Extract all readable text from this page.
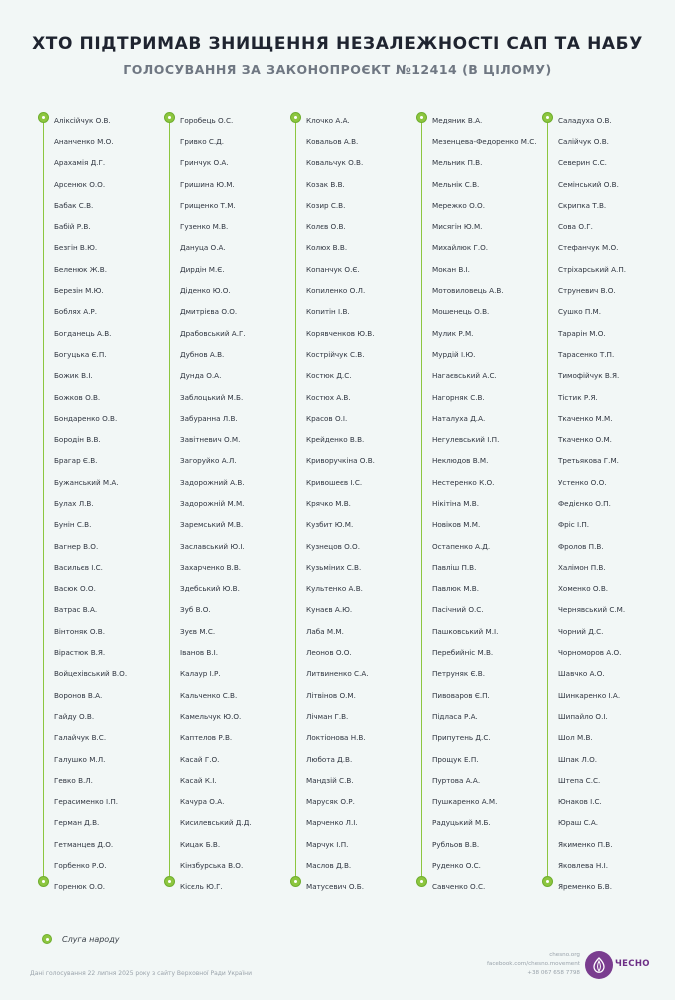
ХТО ПІДТРИМАВ ЗНИЩЕННЯ НЕЗАЛЕЖНОСТІ САП ТА НАБУ
ГОЛОСУВАННЯ ЗА ЗАКОНОПРОЄКТ №12414 (В ЦІЛОМУ)
Аліксійчук О.В.
Ананченко М.О.
Арахамія Д.Г.
Арсенюк О.О.
Бабак С.В.
Бабій Р.В.
Безгін В.Ю.
Беленюк Ж.В.
Березін М.Ю.
Боблях А.Р.
Богданець А.В.
Богуцька Є.П.
Божик В.І.
Божков О.В.
Бондаренко О.В.
Бородін В.В.
Брагар Є.В.
Бужанський М.А.
Булах Л.В.
Бунін С.В.
Вагнер В.О.
Васильєв І.С.
Васюк О.О.
Ватрас В.А.
Вінтоняк О.В.
Вірастюк В.Я.
Войцехівський В.О.
Воронов В.А.
Гайду О.В.
Галайчук В.С.
Галушко М.Л.
Гевко В.Л.
Герасименко І.П.
Герман Д.В.
Гетманцев Д.О.
Горбенко Р.О.
Горенюк О.О.
Горобець О.С.
Гривко С.Д.
Гринчук О.А.
Гришина Ю.М.
Грищенко Т.М.
Гузенко М.В.
Дануца О.А.
Дирдін М.Є.
Діденко Ю.О.
Дмитрієва О.О.
Драбовський А.Г.
Дубнов А.В.
Дунда О.А.
Заблоцький М.Б.
Забуранна Л.В.
Завітневич О.М.
Загоруйко А.Л.
Задорожний А.В.
Задорожній М.М.
Заремський М.В.
Заславський Ю.І.
Захарченко В.В.
Здебський Ю.В.
Зуб В.О.
Зуєв М.С.
Іванов В.І.
Калаур І.Р.
Кальченко С.В.
Камельчук Ю.О.
Каптелов Р.В.
Касай Г.О.
Касай К.І.
Качура О.А.
Кисилевський Д.Д.
Кицак Б.В.
Кінзбурська В.О.
Кісєль Ю.Г.
Клочко А.А.
Ковальов А.В.
Ковальчук О.В.
Козак В.В.
Козир С.В.
Колєв О.В.
Колюх В.В.
Копанчук О.Є.
Копиленко О.Л.
Копитін І.В.
Корявченков Ю.В.
Кострійчук С.В.
Костюк Д.С.
Костюх А.В.
Красов О.І.
Крейденко В.В.
Криворучкіна О.В.
Кривошеєв І.С.
Крячко М.В.
Кузбит Ю.М.
Кузнецов О.О.
Кузьміних С.В.
Культенко А.В.
Кунаєв А.Ю.
Лаба М.М.
Леонов О.О.
Литвиненко С.А.
Літвінов О.М.
Лічман Г.В.
Локтіонова Н.В.
Люботa Д.В.
Мандзій С.В.
Марусяк О.Р.
Марченко Л.І.
Марчук І.П.
Маслов Д.В.
Матусевич О.Б.
Медяник В.А.
Мезенцева-Федоренко М.С.
Мельник П.В.
Мельнік С.В.
Мережко О.О.
Мисягін Ю.М.
Михайлюк Г.О.
Мокан В.І.
Мотовиловець А.В.
Мошенець О.В.
Мулик Р.М.
Мурдій І.Ю.
Нагаєвський А.С.
Нагорняк С.В.
Наталуха Д.А.
Негулевський І.П.
Неклюдов В.М.
Нестеренко К.О.
Нікітіна М.В.
Новіков М.М.
Остапенко А.Д.
Павліш П.В.
Павлюк М.В.
Пасічний О.С.
Пашковський М.І.
Перебийніс М.В.
Петруняк Є.В.
Пивоваров Є.П.
Підласа Р.А.
Припутень Д.С.
Прощук Е.П.
Пуртова А.А.
Пушкаренко А.М.
Радуцький М.Б.
Рубльов В.В.
Руденко О.С.
Савченко О.С.
Саладуха О.В.
Салійчук О.В.
Северин С.С.
Семінський О.В.
Скрипка Т.В.
Сова О.Г.
Стефанчук М.О.
Стріхарський А.П.
Струневич В.О.
Сушко П.М.
Тарарін М.О.
Тарасенко Т.П.
Тимофійчук В.Я.
Тістик Р.Я.
Ткаченко М.М.
Ткаченко О.М.
Третьякова Г.М.
Устенко О.О.
Федієнко О.П.
Фріс І.П.
Фролов П.В.
Халімон П.В.
Хоменко О.В.
Чернявський С.М.
Чорний Д.С.
Чорноморов А.О.
Шавчко А.О.
Шинкаренко І.А.
Шипайло О.І.
Шол М.В.
Шпак Л.О.
Штепа С.С.
Юнаков І.С.
Юраш С.А.
Якименко П.В.
Яковлева Н.І.
Яременко Б.В.
Слуга народу
Дані голосування 22 липня 2025 року з сайту Верховної Ради України
chesno.org
facebook.com/chesno.movement
+38 067 658 7798
ЧЕСНО
